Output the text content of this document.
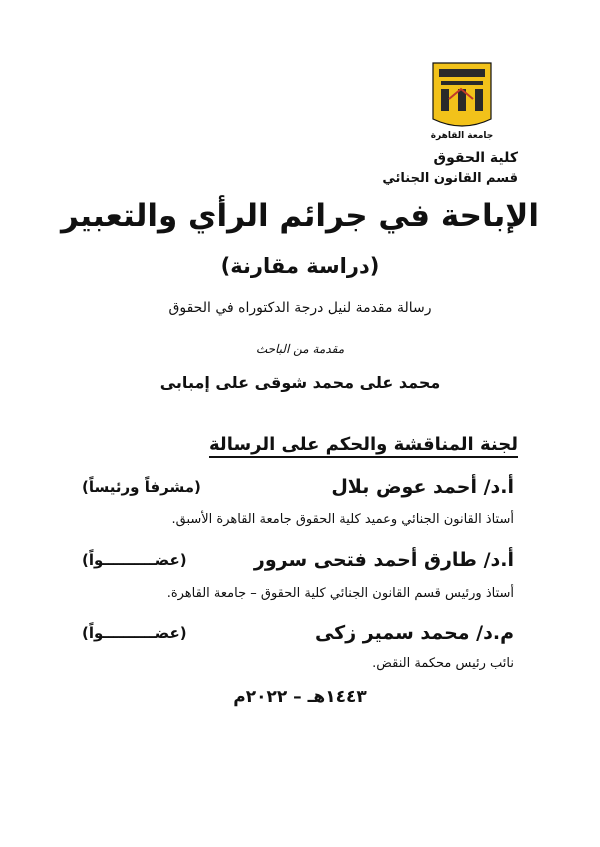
جامعة القاهرة
كلية الحقوق
قسم القانون الجنائي
الإباحة في جرائم الرأي والتعبير
(دراسة مقارنة)
رسالة مقدمة لنيل درجة الدكتوراه في الحقوق
مقدمة من الباحث
محمد على محمد شوقى على إمبابى
لجنة المناقشة والحكم على الرسالة
أ.د/ أحمد عوض بلال
(مشرفاً ورئيساً)
أستاذ القانون الجنائي وعميد كلية الحقوق جامعة القاهرة الأسبق.
أ.د/ طارق أحمد فتحى سرور
(عضــــــــــواً)
أستاذ ورئيس قسم القانون الجنائي كلية الحقوق – جامعة القاهرة.
م.د/ محمد سمير زكى
(عضــــــــــواً)
نائب رئيس محكمة النقض.
١٤٤٣هـ – ٢٠٢٢م
